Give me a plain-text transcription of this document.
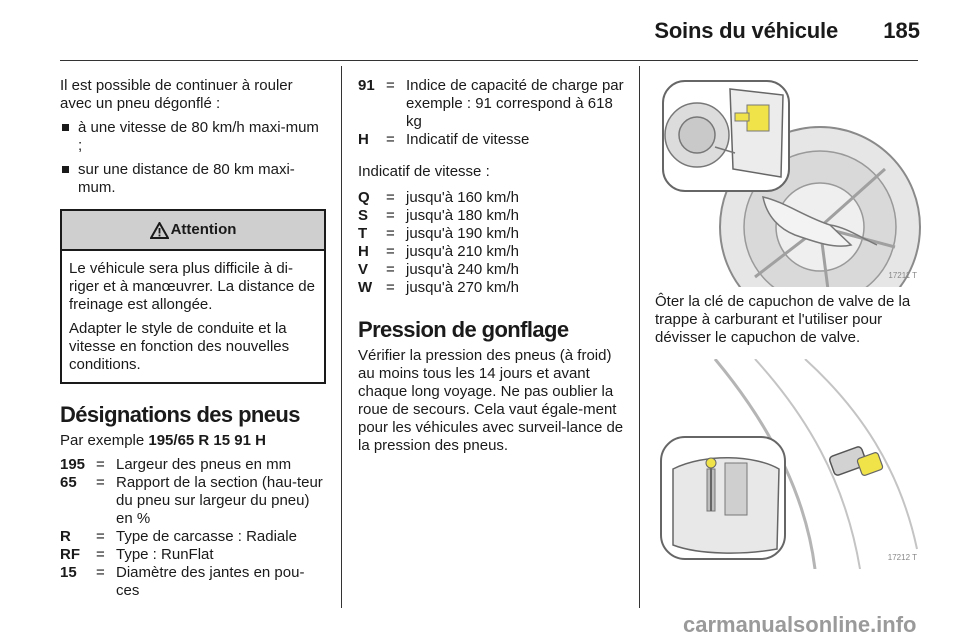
Soins du véhicule 185

Il est possible de continuer à rouler avec un pneu dégonflé :

à une vitesse de 80 km/h maxi-mum ;
sur une distance de 80 km maxi-mum.
Attention

Le véhicule sera plus difficile à di-riger et à manœuvrer. La distance de freinage est allongée.

Adapter le style de conduite et la vitesse en fonction des nouvelles conditions.

Désignations des pneus

Par exemple 195/65 R 15 91 H

195 = Largeur des pneus en mm
65	= Rapport de la section (hau-teur du pneu sur largeur du pneu) en %
R	= Type de carcasse : Radiale
RF	= Type : RunFlat
15	= Diamètre des jantes en pou-ces
91 = Indice de capacité de charge par exemple : 91 correspond à 618 kg
H	= Indicatif de vitesse

Indicatif de vitesse :

Q	= jusqu'à 160 km/h
S	= jusqu'à 180 km/h
T	= jusqu'à 190 km/h
H	= jusqu'à 210 km/h
V	= jusqu'à 240 km/h
W = jusqu'à 270 km/h
Pression de gonflage

Vérifier la pression des pneus (à froid) au moins tous les 14 jours et avant chaque long voyage. Ne pas oublier la roue de secours. Cela vaut égale-ment pour les véhicules avec surveil-lance de la pression des pneus.

17211 T

Ôter la clé de capuchon de valve de la trappe à carburant et l'utiliser pour dévisser le capuchon de valve.

17212 T
carmanualsonline.info
